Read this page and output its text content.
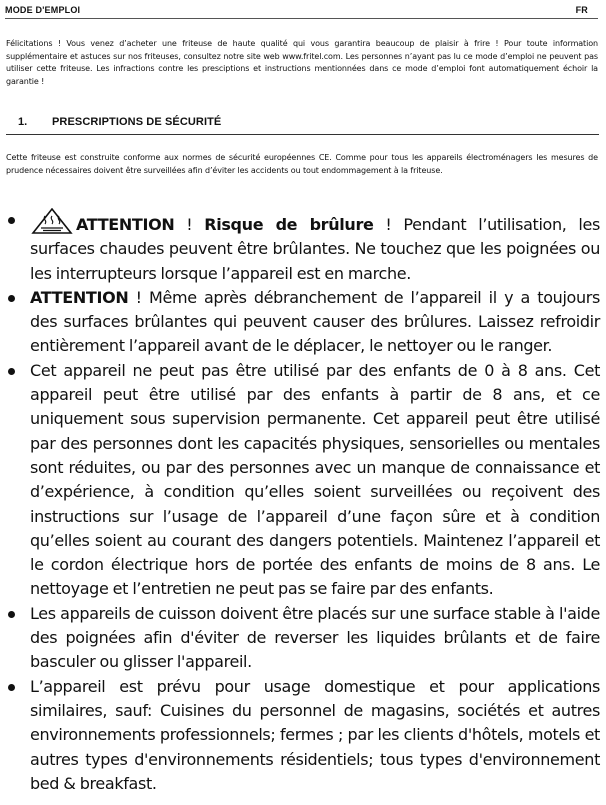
MODE D'EMPLOI	FR
Félicitations ! Vous venez d’acheter une friteuse de haute qualité qui vous garantira beaucoup de plaisir à frire ! Pour toute information supplémentaire et astuces sur nos friteuses, consultez notre site web www.fritel.com. Les personnes n’ayant pas lu ce mode d’emploi ne peuvent pas utiliser cette friteuse. Les infractions contre les presciptions et instructions mentionnées dans ce mode d’emploi font automatiquement échoir la garantie !
1. PRESCRIPTIONS DE SÉCURITÉ
Cette friteuse est construite conforme aux normes de sécurité européennes CE. Comme pour tous les appareils électroménagers les mesures de prudence nécessaires doivent être surveillées afin d’éviter les accidents ou tout endommagement à la friteuse.
ATTENTION ! Risque de brûlure ! Pendant l’utilisation, les surfaces chaudes peuvent être brûlantes. Ne touchez que les poignées ou les interrupteurs lorsque l’appareil est en marche.
ATTENTION ! Même après débranchement de l’appareil il y a toujours des surfaces brûlantes qui peuvent causer des brûlures. Laissez refroidir entièrement l’appareil avant de le déplacer, le nettoyer ou le ranger.
Cet appareil ne peut pas être utilisé par des enfants de 0 à 8 ans. Cet appareil peut être utilisé par des enfants à partir de 8 ans, et ce uniquement sous supervision permanente. Cet appareil peut être utilisé par des personnes dont les capacités physiques, sensorielles ou mentales sont réduites, ou par des personnes avec un manque de connaissance et d’expérience, à condition qu’elles soient surveillées ou reçoivent des instructions sur l’usage de l’appareil d’une façon sûre et à condition qu’elles soient au courant des dangers potentiels. Maintenez l’appareil et le cordon électrique hors de portée des enfants de moins de 8 ans. Le nettoyage et l’entretien ne peut pas se faire par des enfants.
Les appareils de cuisson doivent être placés sur une surface stable à l'aide des poignées afin d'éviter de reverser les liquides brûlants et de faire basculer ou glisser l'appareil.
L’appareil est prévu pour usage domestique et pour applications similaires, sauf: Cuisines du personnel de magasins, sociétés et autres environnements professionnels; fermes ; par les clients d'hôtels, motels et autres types d'environnements résidentiels; tous types d'environnement bed & breakfast.
